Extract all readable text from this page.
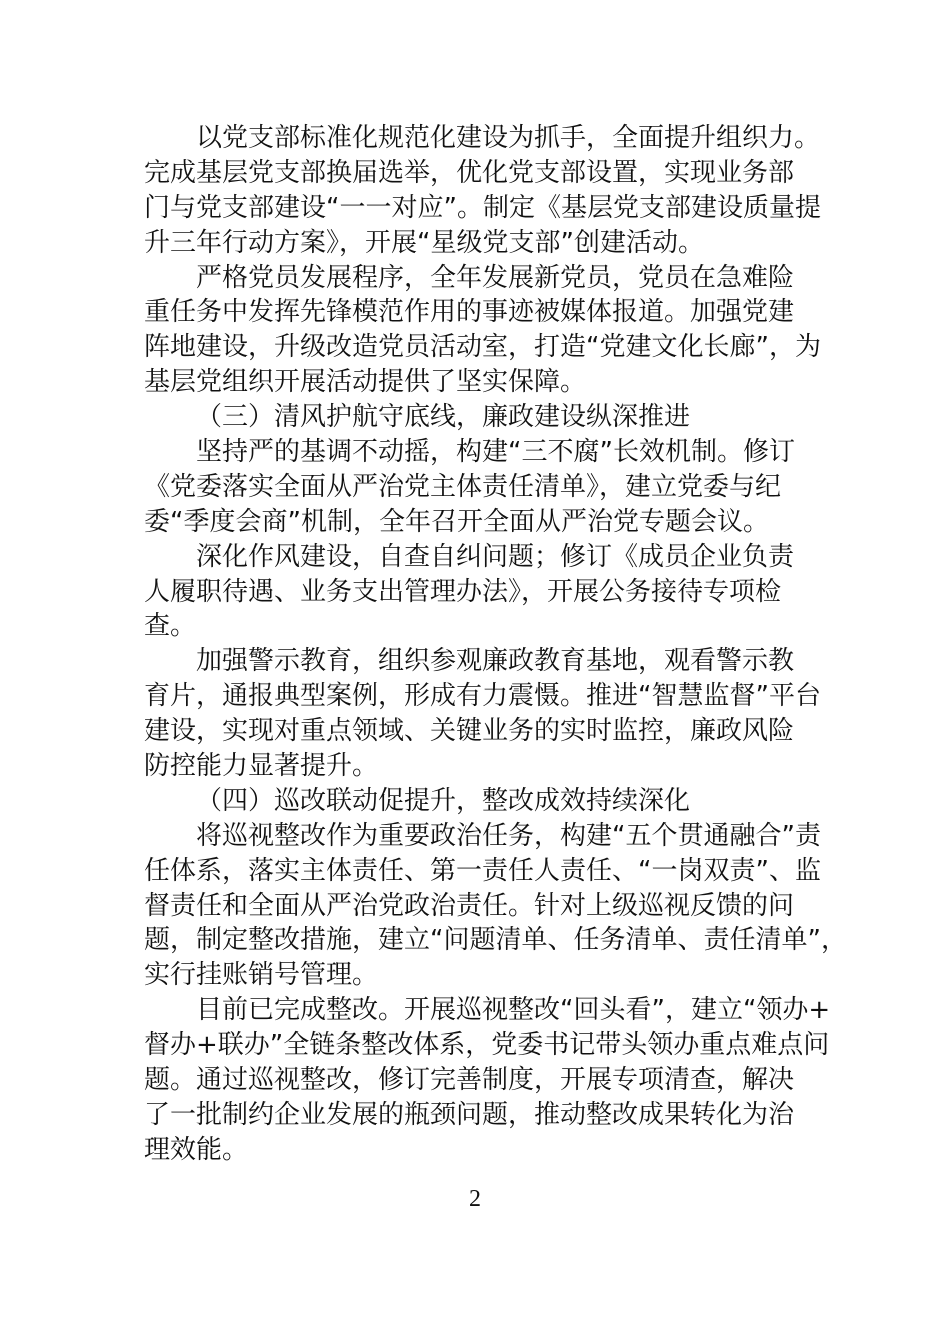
以党支部标准化规范化建设为抓手，全面提升组织力。
完成基层党支部换届选举，优化党支部设置，实现业务部
门与党支部建设“一一对应”。制定《基层党支部建设质量提
升三年行动方案》，开展“星级党支部”创建活动。
严格党员发展程序，全年发展新党员，党员在急难险
重任务中发挥先锋模范作用的事迹被媒体报道。加强党建
阵地建设，升级改造党员活动室，打造“党建文化长廊”，为
基层党组织开展活动提供了坚实保障。
（三）清风护航守底线，廉政建设纵深推进
坚持严的基调不动摇，构建“三不腐”长效机制。修订
《党委落实全面从严治党主体责任清单》，建立党委与纪
委“季度会商”机制，全年召开全面从严治党专题会议。
深化作风建设，自查自纠问题；修订《成员企业负责
人履职待遇、业务支出管理办法》，开展公务接待专项检
查。
加强警示教育，组织参观廉政教育基地，观看警示教
育片，通报典型案例，形成有力震慑。推进“智慧监督”平台
建设，实现对重点领域、关键业务的实时监控，廉政风险
防控能力显著提升。
（四）巡改联动促提升，整改成效持续深化
将巡视整改作为重要政治任务，构建“五个贯通融合”责
任体系，落实主体责任、第一责任人责任、“一岗双责”、监
督责任和全面从严治党政治责任。针对上级巡视反馈的问
题，制定整改措施，建立“问题清单、任务清单、责任清单”，
实行挂账销号管理。
目前已完成整改。开展巡视整改“回头看”，建立“领办+
督办+联办”全链条整改体系，党委书记带头领办重点难点问
题。通过巡视整改，修订完善制度，开展专项清查，解决
了一批制约企业发展的瓶颈问题，推动整改成果转化为治
理效能。
2
